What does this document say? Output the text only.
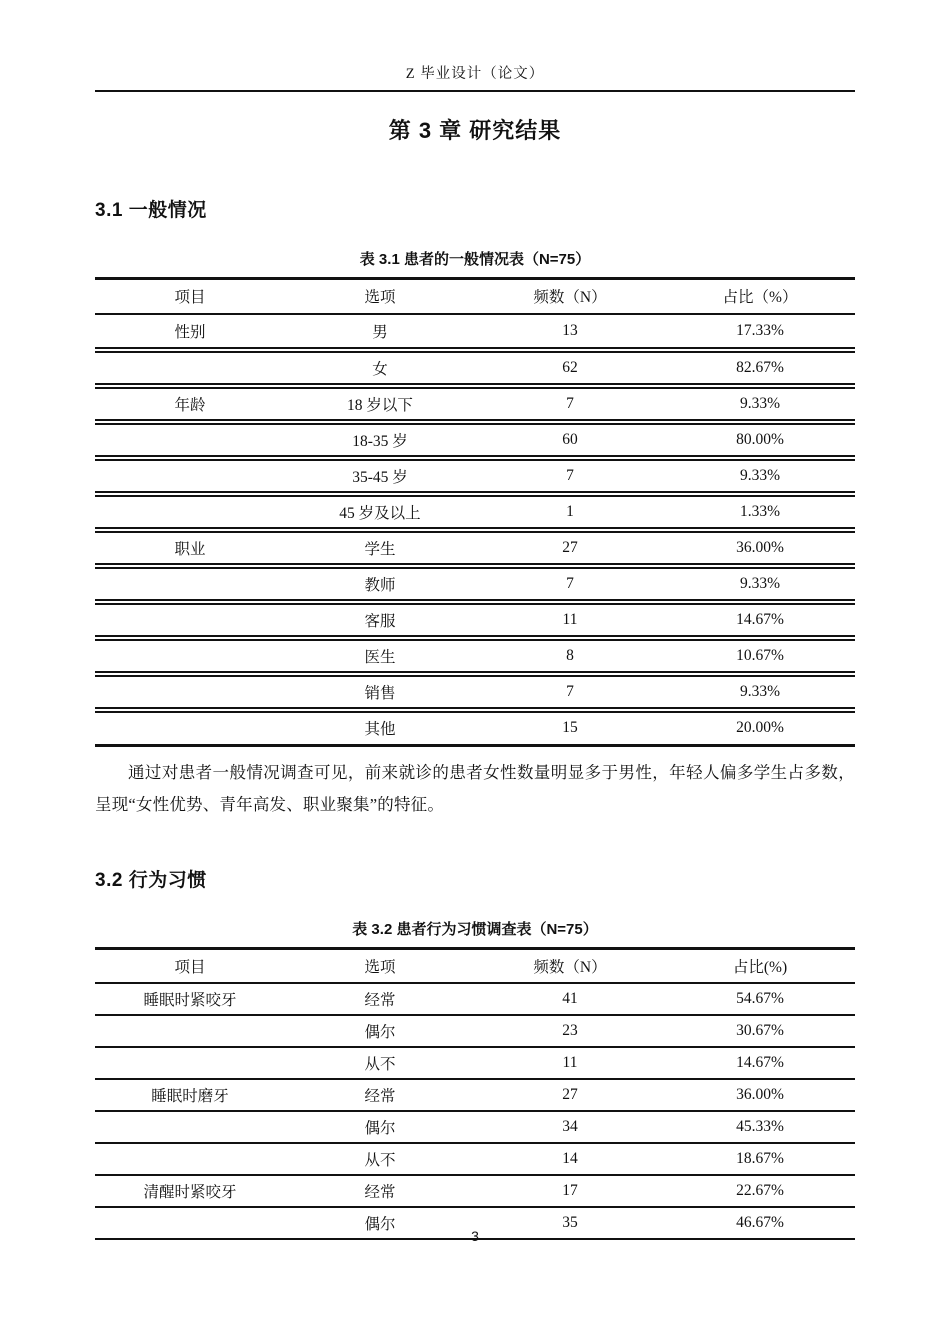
Z 毕业设计（论文）
第 3 章 研究结果
3.1 一般情况
表 3.1 患者的一般情况表（N=75）
项目	选项	频数（N）	占比（%）
性别	男	13	17.33%
	女	62	82.67%
年龄	18 岁以下	7	9.33%
	18-35 岁	60	80.00%
	35-45 岁	7	9.33%
	45 岁及以上	1	1.33%
职业	学生	27	36.00%
	教师	7	9.33%
	客服	11	14.67%
	医生	8	10.67%
	销售	7	9.33%
	其他	15	20.00%

通过对患者一般情况调查可见，前来就诊的患者女性数量明显多于男性，年轻人偏多学生占多数，呈现“女性优势、青年高发、职业聚集”的特征。

3.2 行为习惯
表 3.2 患者行为习惯调查表（N=75）
项目	选项	频数（N）	占比(%)
睡眠时紧咬牙	经常	41	54.67%
	偶尔	23	30.67%
	从不	11	14.67%
睡眠时磨牙	经常	27	36.00%
	偶尔	34	45.33%
	从不	14	18.67%
清醒时紧咬牙	经常	17	22.67%
	偶尔	35	46.67%
3
